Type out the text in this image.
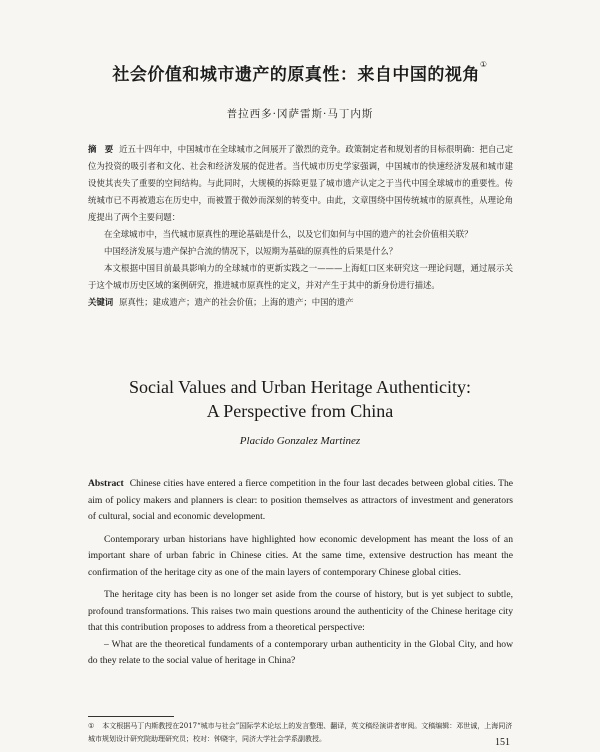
社会价值和城市遗产的原真性：来自中国的视角①
普拉西多·冈萨雷斯·马丁内斯

摘　要 近五十四年中，中国城市在全球城市之间展开了激烈的竞争。政策制定者和规划者的目标很明确：把自己定位为投资的吸引者和文化、社会和经济发展的促进者。当代城市历史学家强调，中国城市的快速经济发展和城市建设使其丧失了重要的空间结构。与此同时，大规模的拆除更显了城市遗产认定之于当代中国全球城市的重要性。传统城市已不再被遗忘在历史中，而被置于微妙而深刻的转变中。由此，文章围绕中国传统城市的原真性，从理论角度提出了两个主要问题：

在全球城市中，当代城市原真性的理论基础是什么，以及它们如何与中国的遗产的社会价值相关联？

中国经济发展与遗产保护合流的情况下，以短期为基础的原真性的后果是什么？

本文根据中国目前最具影响力的全球城市的更新实践之一———上海虹口区来研究这一理论问题，通过展示关于这个城市历史区域的案例研究，推进城市原真性的定义，并对产生于其中的新身份进行描述。

关键词 原真性；建成遗产；遗产的社会价值；上海的遗产；中国的遗产

Social Values and Urban Heritage Authenticity:
A Perspective from China
Placido Gonzalez Martinez

Abstract Chinese cities have entered a fierce competition in the four last decades between global cities. The aim of policy makers and planners is clear: to position themselves as attractors of investment and generators of cultural, social and economic development.

Contemporary urban historians have highlighted how economic development has meant the loss of an important share of urban fabric in Chinese cities. At the same time, extensive destruction has meant the confirmation of the heritage city as one of the main layers of contemporary Chinese global cities.

The heritage city has been is no longer set aside from the course of history, but is yet subject to subtle, profound transformations. This raises two main questions around the authenticity of the Chinese heritage city that this contribution proposes to address from a theoretical perspective:

– What are the theoretical fundaments of a contemporary urban authenticity in the Global City, and how do they relate to the social value of heritage in China?

① 本文根据马丁内斯教授在2017“城市与社会”国际学术论坛上的发言整理、翻译，英文稿经演讲者审阅。文稿编辑：邓世诚，上海同济城市规划设计研究院助理研究员；校对：钟晓宇，同济大学社会学系副教授。	151
